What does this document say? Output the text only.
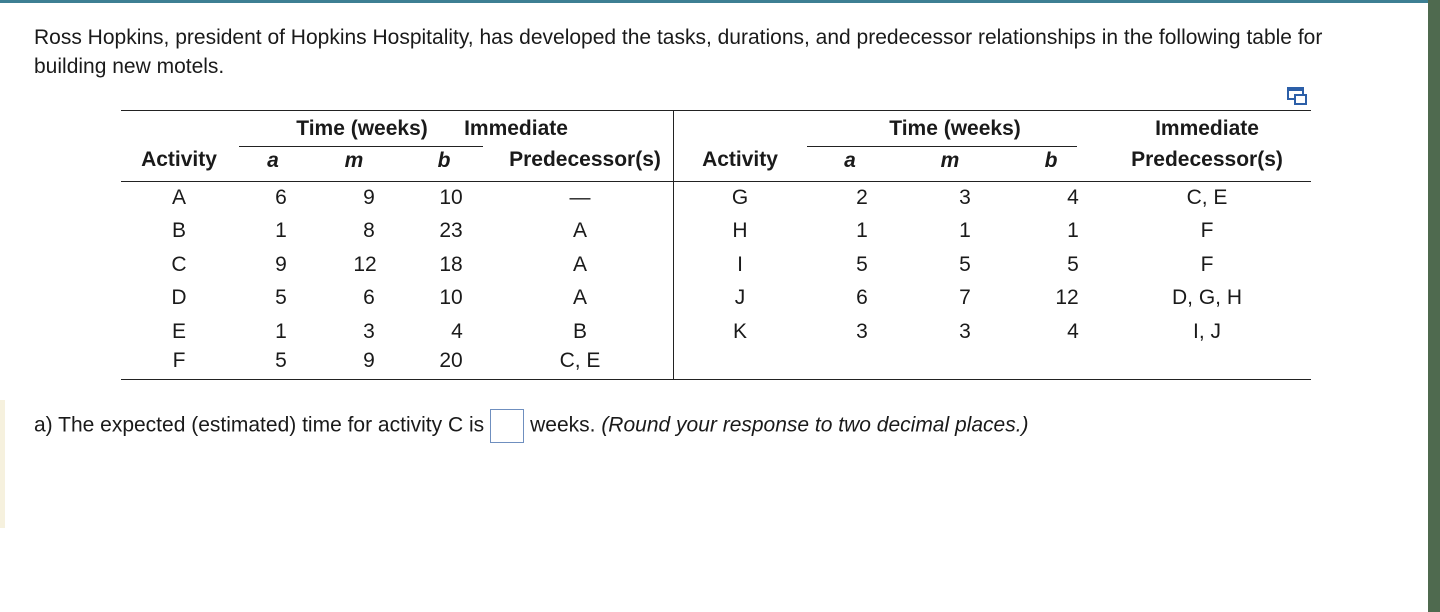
Ross Hopkins, president of Hopkins Hospitality, has developed the tasks, durations, and predecessor relationships in the following table for building new motels.
Time (weeks) Immediate
Activity a	m	b	Predecessor(s)
Time (weeks)	Immediate
Activity	a	m	b	Predecessor(s)
A	6	9	10	—
B	1	8	23	A
C	9	12	18	A
D	5	6	10	A
E	1	3	4	B
F	5	9	20	C, E
G	2	3	4	C, E
H	1	1	1	F
I	5	5	5	F
J	6	7	12	D, G, H
K	3	3	4	I, J
a) The expected (estimated) time for activity C is weeks. (Round your response to two decimal places.)
